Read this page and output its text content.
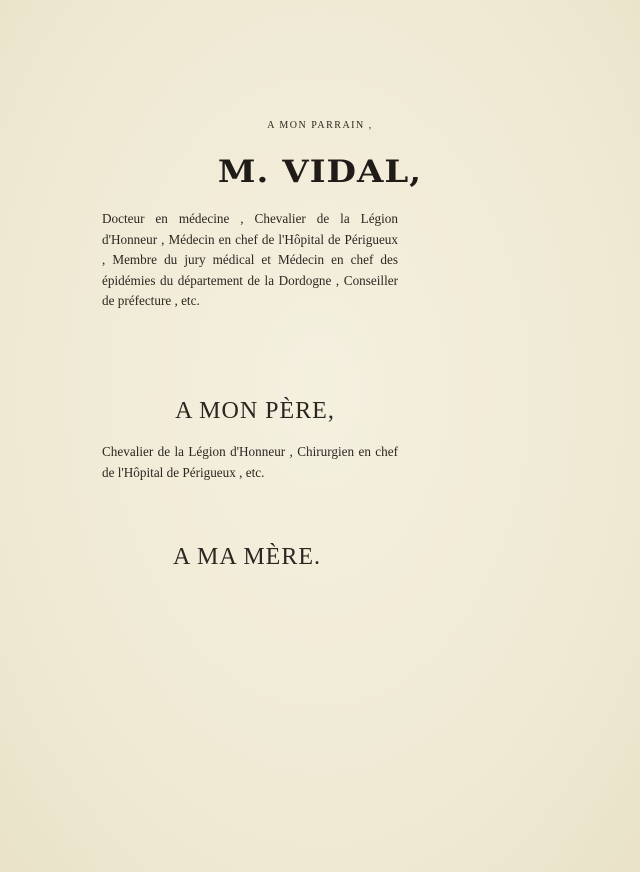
A MON PARRAIN ,
M. VIDAL,
Docteur en médecine , Chevalier de la Légion d'Honneur , Médecin en chef de l'Hôpital de Périgueux , Membre du jury médical et Médecin en chef des épidémies du département de la Dordogne , Conseiller de préfecture , etc.
A MON PÈRE,
Chevalier de la Légion d'Honneur , Chirurgien en chef de l'Hôpital de Périgueux , etc.
A MA MÈRE.
